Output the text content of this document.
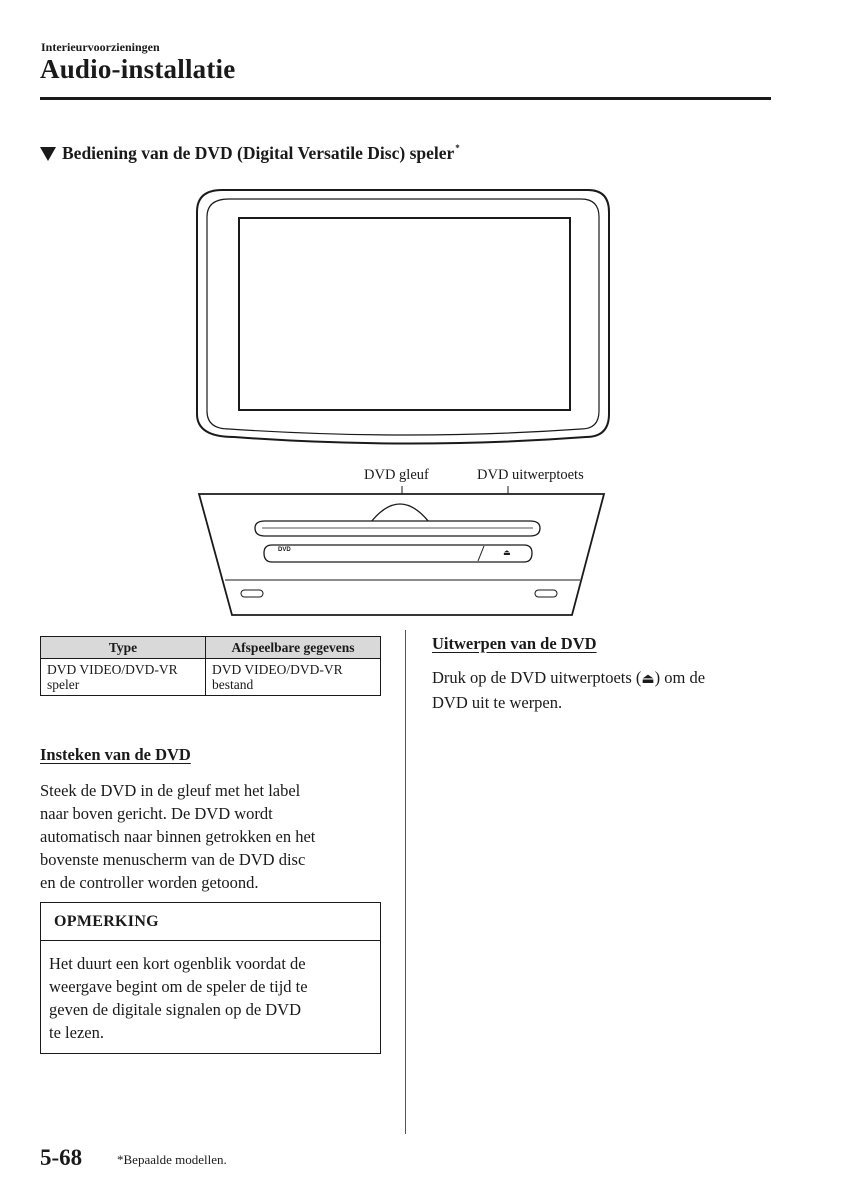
Interieurvoorzieningen
Audio-installatie
Bediening van de DVD (Digital Versatile Disc) speler *
DVD gleuf	DVD uitwerptoets
DVD	⏏
Type	Afspeelbare gegevens
DVD VIDEO/DVD-VR speler	DVD VIDEO/DVD-VR bestand
Insteken van de DVD
Steek de DVD in de gleuf met het label
naar boven gericht. De DVD wordt
automatisch naar binnen getrokken en het
bovenste menuscherm van de DVD disc
en de controller worden getoond.
OPMERKING
Het duurt een kort ogenblik voordat de
weergave begint om de speler de tijd te
geven de digitale signalen op de DVD
te lezen.
Uitwerpen van de DVD
Druk op de DVD uitwerptoets (⏏) om de
DVD uit te werpen.
5-68	*Bepaalde modellen.
